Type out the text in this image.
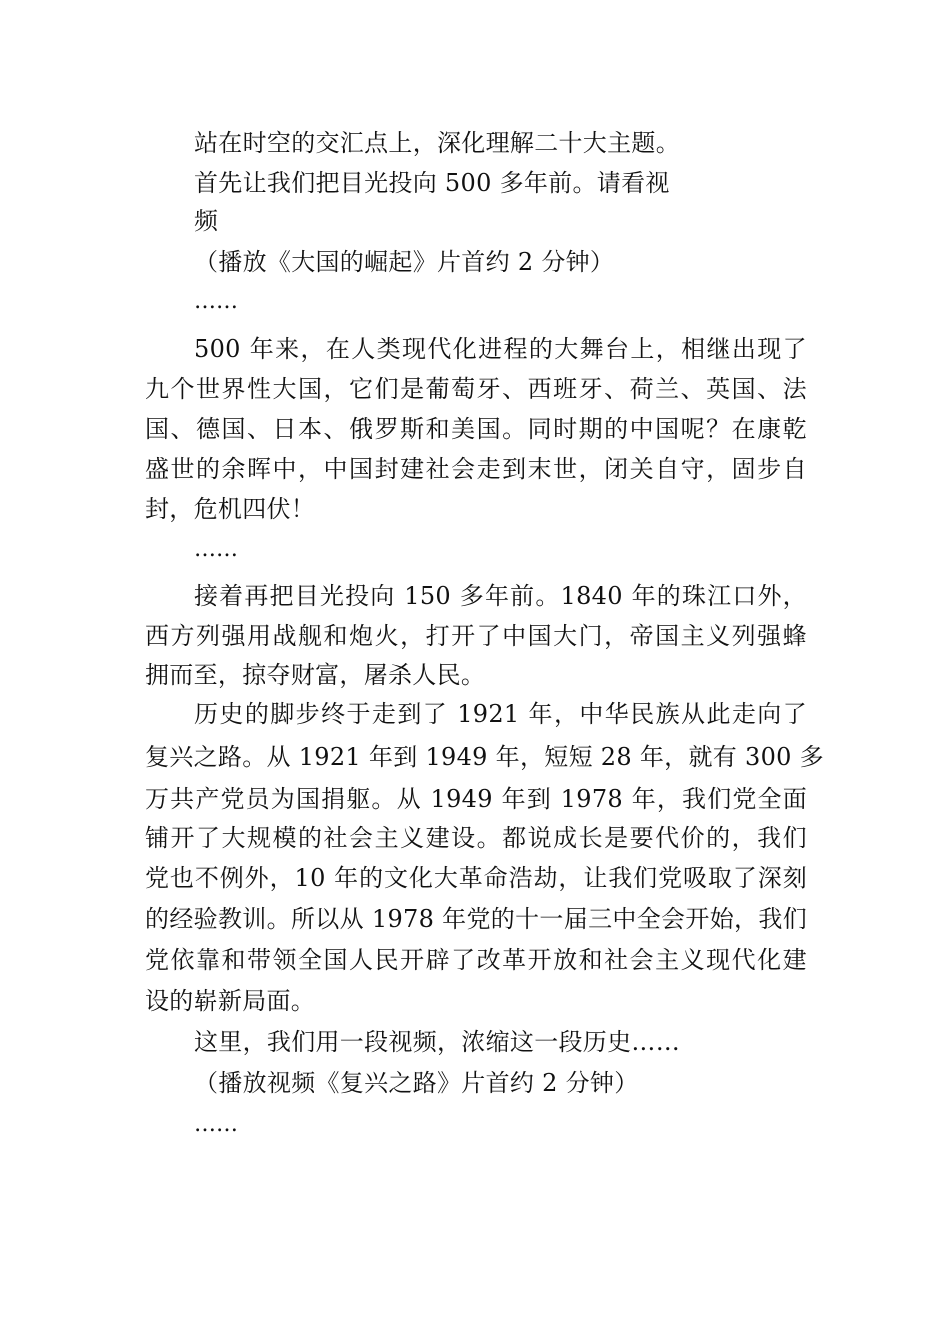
站在时空的交汇点上，深化理解二十大主题。
首先让我们把目光投向 500 多年前。请看视
频
（播放《大国的崛起》片首约 2 分钟）
……
500 年来，在人类现代化进程的大舞台上，相继出现了
九个世界性大国，它们是葡萄牙、西班牙、荷兰、英国、法
国、德国、日本、俄罗斯和美国。同时期的中国呢？在康乾
盛世的余晖中，中国封建社会走到末世，闭关自守，固步自
封，危机四伏！
……
接着再把目光投向 150 多年前。1840 年的珠江口外，
西方列强用战舰和炮火，打开了中国大门，帝国主义列强蜂
拥而至，掠夺财富，屠杀人民。
历史的脚步终于走到了 1921 年，中华民族从此走向了
复兴之路。从 1921 年到 1949 年，短短 28 年，就有 300 多
万共产党员为国捐躯。从 1949 年到 1978 年，我们党全面
铺开了大规模的社会主义建设。都说成长是要代价的，我们
党也不例外，10 年的文化大革命浩劫，让我们党吸取了深刻
的经验教训。所以从 1978 年党的十一届三中全会开始，我们
党依靠和带领全国人民开辟了改革开放和社会主义现代化建
设的崭新局面。
这里，我们用一段视频，浓缩这一段历史……
（播放视频《复兴之路》片首约 2 分钟）
……
